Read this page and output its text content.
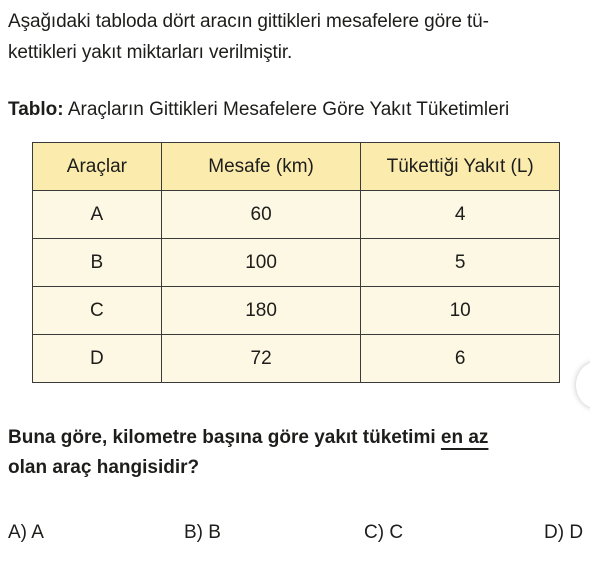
Aşağıdaki tabloda dört aracın gittikleri mesafelere göre tü-
kettikleri yakıt miktarları verilmiştir.
Tablo: Araçların Gittikleri Mesafelere Göre Yakıt Tüketimleri
Araçlar	Mesafe (km)	Tükettiği Yakıt (L)
A	60	4
B	100	5
C	180	10
D	72	6
Buna göre, kilometre başına göre yakıt tüketimi en az
olan araç hangisidir?
A) A	B) B	C) C	D) D
